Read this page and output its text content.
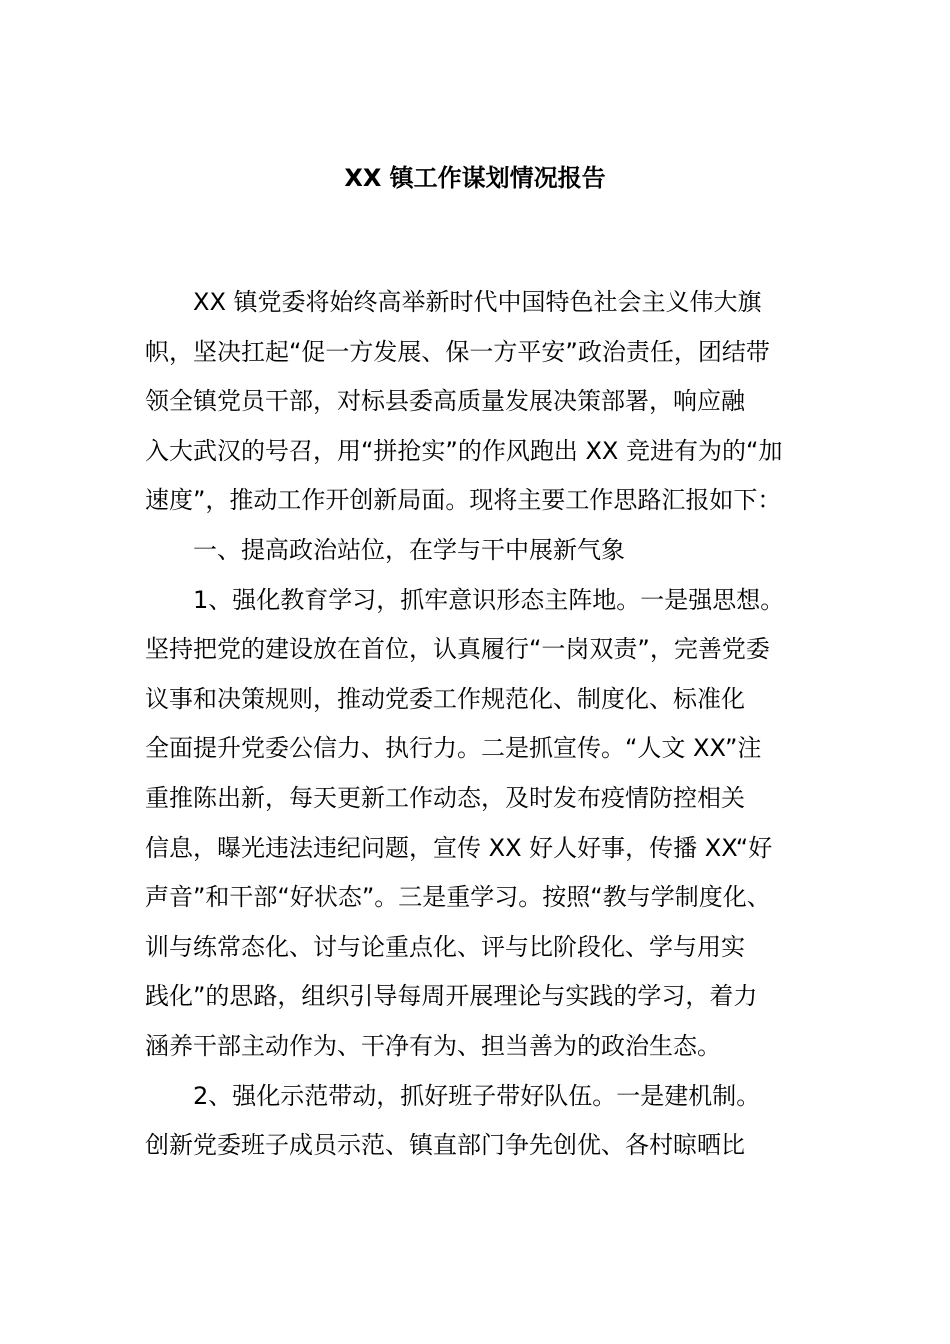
XX 镇工作谋划情况报告
XX 镇党委将始终高举新时代中国特色社会主义伟大旗
帜，坚决扛起“促一方发展、保一方平安”政治责任，团结带
领全镇党员干部，对标县委高质量发展决策部署，响应融
入大武汉的号召，用“拼抢实”的作风跑出 XX 竞进有为的“加
速度”，推动工作开创新局面。现将主要工作思路汇报如下：
一、提高政治站位，在学与干中展新气象
1、强化教育学习，抓牢意识形态主阵地。一是强思想。
坚持把党的建设放在首位，认真履行“一岗双责”，完善党委
议事和决策规则，推动党委工作规范化、制度化、标准化
全面提升党委公信力、执行力。二是抓宣传。“人文 XX”注
重推陈出新，每天更新工作动态，及时发布疫情防控相关
信息，曝光违法违纪问题，宣传 XX 好人好事，传播 XX“好
声音”和干部“好状态”。三是重学习。按照“教与学制度化、
训与练常态化、讨与论重点化、评与比阶段化、学与用实
践化”的思路，组织引导每周开展理论与实践的学习，着力
涵养干部主动作为、干净有为、担当善为的政治生态。
2、强化示范带动，抓好班子带好队伍。一是建机制。
创新党委班子成员示范、镇直部门争先创优、各村晾晒比
